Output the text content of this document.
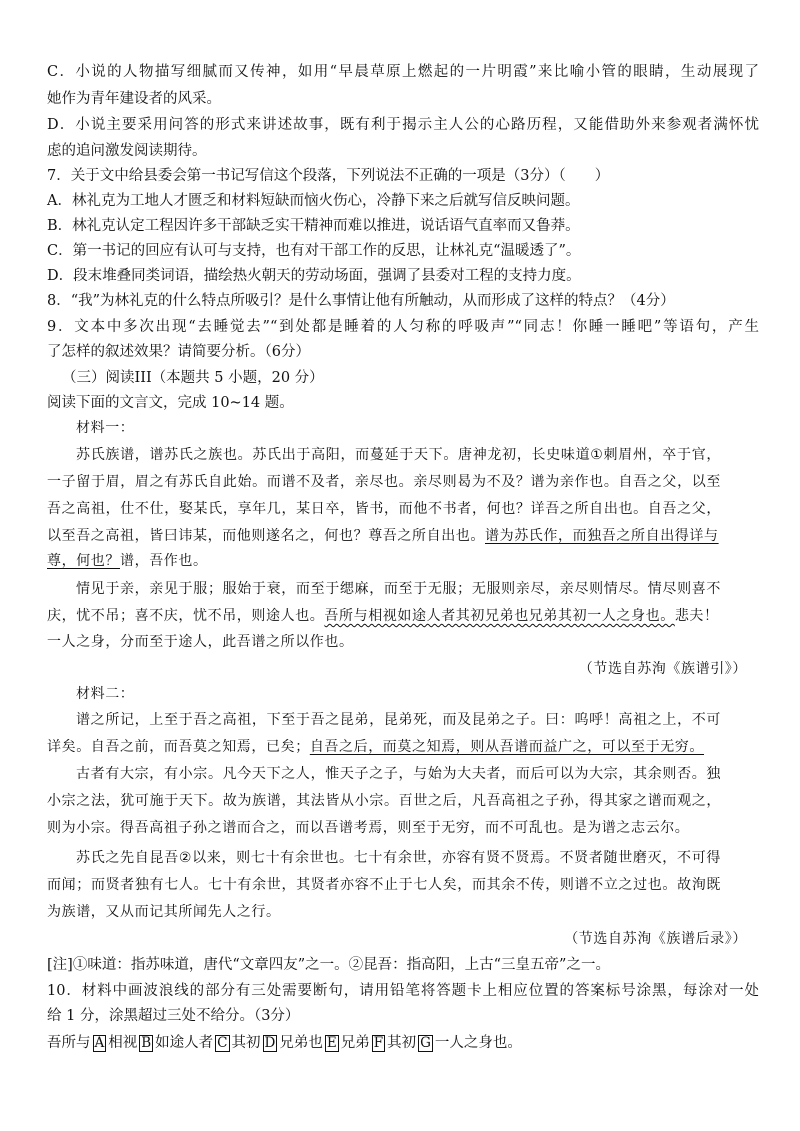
C．小说的人物描写细腻而又传神，如用“早晨草原上燃起的一片明霞”来比喻小管的眼睛，生动展现了
她作为青年建设者的风采。
D．小说主要采用问答的形式来讲述故事，既有利于揭示主人公的心路历程，又能借助外来参观者满怀忧
虑的追问激发阅读期待。
7．关于文中给县委会第一书记写信这个段落，下列说法不正确的一项是（3分）（　　）
A．林礼克为工地人才匮乏和材料短缺而恼火伤心，冷静下来之后就写信反映问题。
B．林礼克认定工程因许多干部缺乏实干精神而难以推进，说话语气直率而又鲁莽。
C．第一书记的回应有认可与支持，也有对干部工作的反思，让林礼克“温暖透了”。
D．段末堆叠同类词语，描绘热火朝天的劳动场面，强调了县委对工程的支持力度。
8．“我”为林礼克的什么特点所吸引？是什么事情让他有所触动，从而形成了这样的特点？（4分）
9．文本中多次出现“去睡觉去”“到处都是睡着的人匀称的呼吸声”“同志！你睡一睡吧”等语句，产生
了怎样的叙述效果？请简要分析。（6分）
（三）阅读III（本题共 5 小题，20 分）
阅读下面的文言文，完成 10~14 题。
材料一：
苏氏族谱，谱苏氏之族也。苏氏出于高阳，而蔓延于天下。唐神龙初，长史味道①刺眉州，卒于官，
一子留于眉，眉之有苏氏自此始。而谱不及者，亲尽也。亲尽则曷为不及？谱为亲作也。自吾之父，以至
吾之高祖，仕不仕，娶某氏，享年几，某日卒，皆书，而他不书者，何也？详吾之所自出也。自吾之父，
以至吾之高祖，皆曰讳某，而他则遂名之，何也？尊吾之所自出也。谱为苏氏作，而独吾之所自出得详与
尊，何也？谱，吾作也。
情见于亲，亲见于服；服始于衰，而至于缌麻，而至于无服；无服则亲尽，亲尽则情尽。情尽则喜不
庆，忧不吊；喜不庆，忧不吊，则途人也。吾所与相视如途人者其初兄弟也兄弟其初一人之身也。悲夫！
一人之身，分而至于途人，此吾谱之所以作也。
（节选自苏洵《族谱引》）
材料二：
谱之所记，上至于吾之高祖，下至于吾之昆弟，昆弟死，而及昆弟之子。曰：呜呼！高祖之上，不可
详矣。自吾之前，而吾莫之知焉，已矣；自吾之后，而莫之知焉，则从吾谱而益广之，可以至于无穷。
古者有大宗，有小宗。凡今天下之人，惟天子之子，与始为大夫者，而后可以为大宗，其余则否。独
小宗之法，犹可施于天下。故为族谱，其法皆从小宗。百世之后，凡吾高祖之子孙，得其家之谱而观之，
则为小宗。得吾高祖子孙之谱而合之，而以吾谱考焉，则至于无穷，而不可乱也。是为谱之志云尔。
苏氏之先自昆吾②以来，则七十有余世也。七十有余世，亦容有贤不贤焉。不贤者随世磨灭，不可得
而闻；而贤者独有七人。七十有余世，其贤者亦容不止于七人矣，而其余不传，则谱不立之过也。故洵既
为族谱，又从而记其所闻先人之行。
（节选自苏洵《族谱后录》）
[注]①味道：指苏味道，唐代“文章四友”之一。②昆吾：指高阳，上古“三皇五帝”之一。
10．材料中画波浪线的部分有三处需要断句，请用铅笔将答题卡上相应位置的答案标号涂黑，每涂对一处
给 1 分，涂黑超过三处不给分。（3分）
吾所与 A 相视 B 如途人者 C 其初 D 兄弟也 E 兄弟 F 其初 G 一人之身也。
